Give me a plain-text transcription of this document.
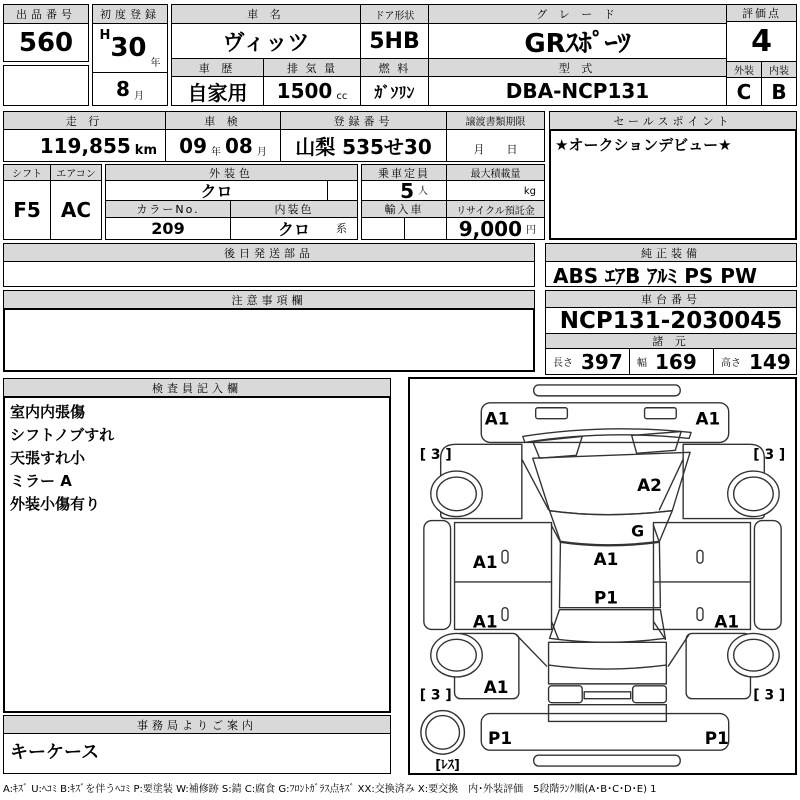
出品番号
560
初度登録
H 30
年
8 月
車 名
ヴィッツ
車 歴
自家用
排 気 量
1500 cc
ドア形状
5HB
燃 料
ｶﾞｿﾘﾝ
グ レ ー ド
GRｽﾎﾟｰﾂ
型 式
DBA-NCP131
評価点
4
外装	内装
C	B
走 行
119,855 km
車 検
09 年 08 月
登録番号
山梨 535せ30
譲渡書類期限
月　　日
セールスポイント
★オークションデビュー★
シフト
F5
エアコン
AC
外装色
クロ
カラーNo.	内装色
209	クロ 系
乗車定員
5 人
最大積載量
kg
輸入車	リサイクル預託金
9,000 円
後日発送部品	純正装備
ABS ｴｱB ｱﾙﾐ PS PW
注意事項欄	車台番号
NCP131-2030045
諸 元
長さ 397 幅 169 高さ 149
検査員記入欄
室内内張傷
シフトノブすれ
天張すれ小
ミラー A
外装小傷有り
事務局よりご案内
キーケース
A1	A1
[ 3 ]	[ 3 ]
A2
G
A1	A1
P1
A1	A1
A1
[ 3 ]	[ 3 ]
P1	P1
[ﾚｽ]
A:ｷｽﾞ U:ﾍｺﾐ B:ｷｽﾞを伴うﾍｺﾐ P:要塗装 W:補修跡 S:錆 C:腐食 G:ﾌﾛﾝﾄｶﾞﾗｽ点ｷｽﾞ XX:交換済み X:要交換　内･外装評価　5段階ﾗﾝｸ順(A･B･C･D･E) 1
